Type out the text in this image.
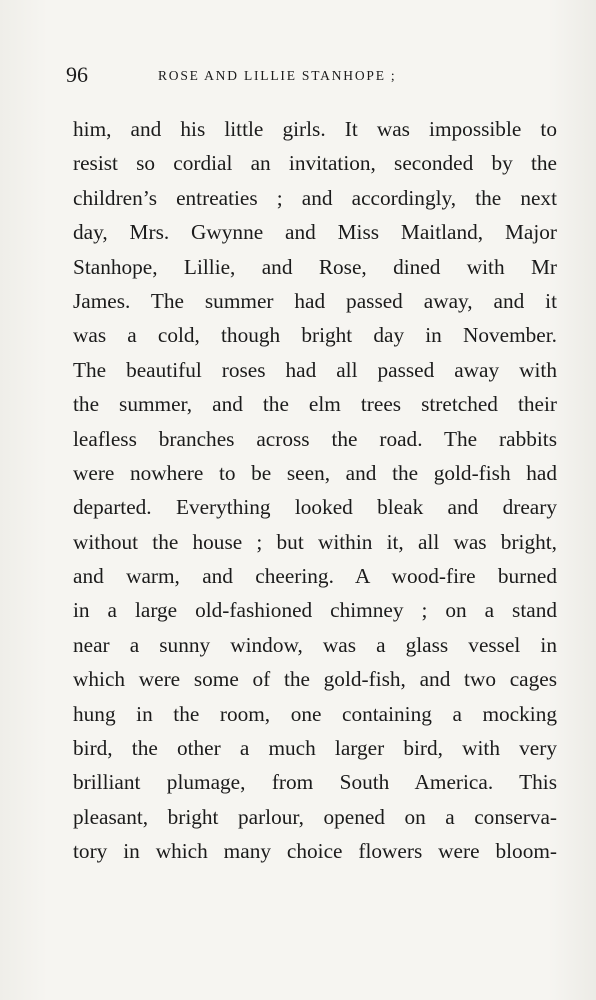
96	ROSE AND LILLIE STANHOPE ;
him, and his little girls. It was impossible to
resist so cordial an invitation, seconded by the
children’s entreaties ; and accordingly, the next
day, Mrs. Gwynne and Miss Maitland, Major
Stanhope, Lillie, and Rose, dined with Mr
James. The summer had passed away, and it
was a cold, though bright day in November.
The beautiful roses had all passed away with
the summer, and the elm trees stretched their
leafless branches across the road. The rabbits
were nowhere to be seen, and the gold-fish had
departed. Everything looked bleak and dreary
without the house ; but within it, all was bright,
and warm, and cheering. A wood-fire burned
in a large old-fashioned chimney ; on a stand
near a sunny window, was a glass vessel in
which were some of the gold-fish, and two cages
hung in the room, one containing a mocking
bird, the other a much larger bird, with very
brilliant plumage, from South America. This
pleasant, bright parlour, opened on a conserva-
tory in which many choice flowers were bloom-
